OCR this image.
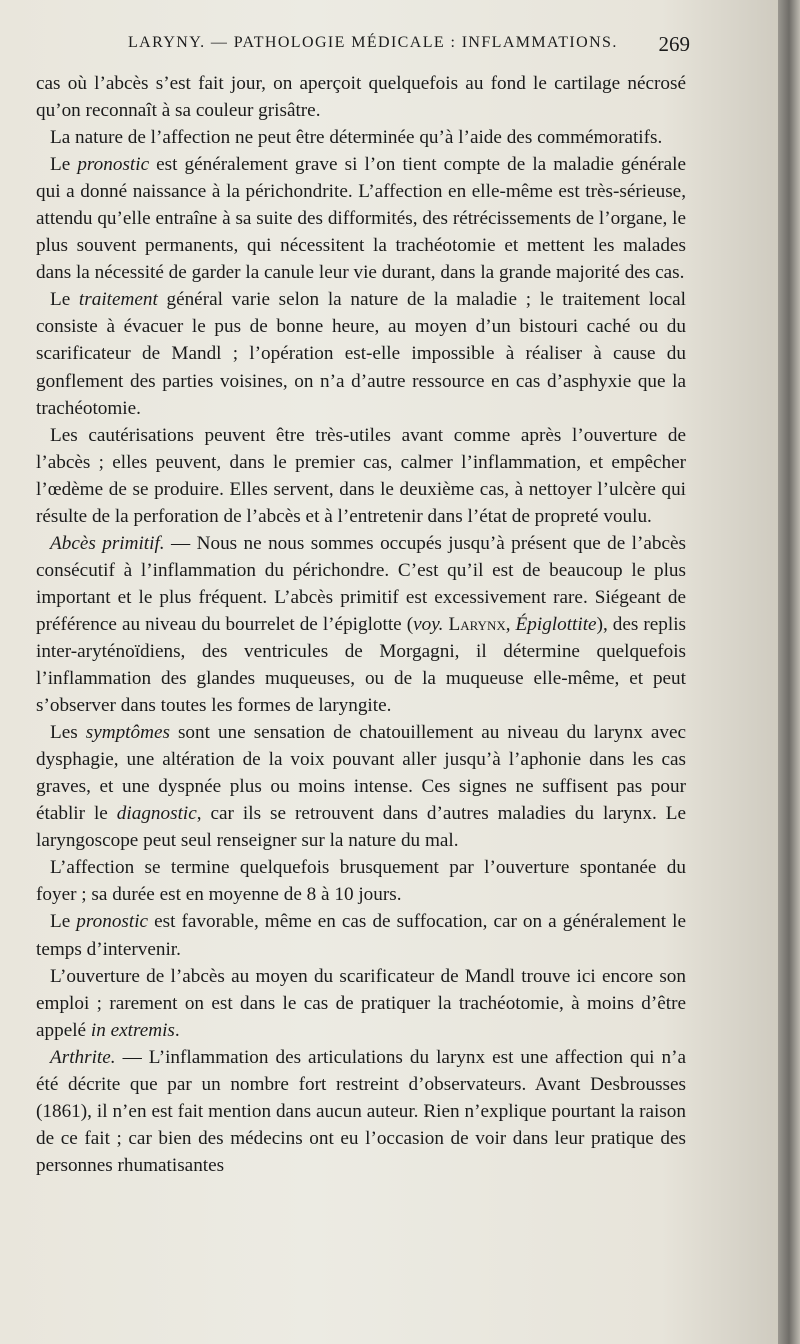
LARYNY. — PATHOLOGIE MÉDICALE : INFLAMMATIONS. 269

cas où l’abcès s’est fait jour, on aperçoit quelquefois au fond le cartilage nécrosé qu’on reconnaît à sa couleur grisâtre.

La nature de l’affection ne peut être déterminée qu’à l’aide des commémoratifs.

Le pronostic est généralement grave si l’on tient compte de la maladie générale qui a donné naissance à la périchondrite. L’affection en elle-même est très-sérieuse, attendu qu’elle entraîne à sa suite des difformités, des rétrécissements de l’organe, le plus souvent permanents, qui nécessitent la trachéotomie et mettent les malades dans la nécessité de garder la canule leur vie durant, dans la grande majorité des cas.

Le traitement général varie selon la nature de la maladie ; le traitement local consiste à évacuer le pus de bonne heure, au moyen d’un bistouri caché ou du scarificateur de Mandl ; l’opération est-elle impossible à réaliser à cause du gonflement des parties voisines, on n’a d’autre ressource en cas d’asphyxie que la trachéotomie.

Les cautérisations peuvent être très-utiles avant comme après l’ouverture de l’abcès ; elles peuvent, dans le premier cas, calmer l’inflammation, et empêcher l’œdème de se produire. Elles servent, dans le deuxième cas, à nettoyer l’ulcère qui résulte de la perforation de l’abcès et à l’entretenir dans l’état de propreté voulu.

Abcès primitif. — Nous ne nous sommes occupés jusqu’à présent que de l’abcès consécutif à l’inflammation du périchondre. C’est qu’il est de beaucoup le plus important et le plus fréquent. L’abcès primitif est excessivement rare. Siégeant de préférence au niveau du bourrelet de l’épiglotte (voy. Larynx, Épiglottite), des replis inter-aryténoïdiens, des ventricules de Morgagni, il détermine quelquefois l’inflammation des glandes muqueuses, ou de la muqueuse elle-même, et peut s’observer dans toutes les formes de laryngite.

Les symptômes sont une sensation de chatouillement au niveau du larynx avec dysphagie, une altération de la voix pouvant aller jusqu’à l’aphonie dans les cas graves, et une dyspnée plus ou moins intense. Ces signes ne suffisent pas pour établir le diagnostic, car ils se retrouvent dans d’autres maladies du larynx. Le laryngoscope peut seul renseigner sur la nature du mal.

L’affection se termine quelquefois brusquement par l’ouverture spontanée du foyer ; sa durée est en moyenne de 8 à 10 jours.

Le pronostic est favorable, même en cas de suffocation, car on a généralement le temps d’intervenir.

L’ouverture de l’abcès au moyen du scarificateur de Mandl trouve ici encore son emploi ; rarement on est dans le cas de pratiquer la trachéotomie, à moins d’être appelé in extremis.

Arthrite. — L’inflammation des articulations du larynx est une affection qui n’a été décrite que par un nombre fort restreint d’observateurs. Avant Desbrousses (1861), il n’en est fait mention dans aucun auteur. Rien n’explique pourtant la raison de ce fait ; car bien des médecins ont eu l’occasion de voir dans leur pratique des personnes rhumatisantes
